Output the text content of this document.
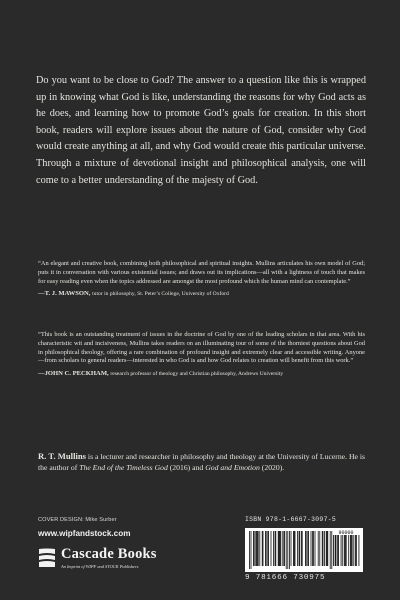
Do you want to be close to God? The answer to a question like this is wrapped up in knowing what God is like, understanding the reasons for why God acts as he does, and learning how to promote God’s goals for creation. In this short book, readers will explore issues about the nature of God, consider why God would create anything at all, and why God would create this particular universe. Through a mixture of devotional insight and philosophical analysis, one will come to a better understanding of the majesty of God.

“An elegant and creative book, combining both philosophical and spiritual insights. Mullins articulates his own model of God; puts it in conversation with various existential issues; and draws out its implications—all with a lightness of touch that makes for easy reading even when the topics addressed are amongst the most profound which the human mind can contemplate.”
—T. J. MAWSON, tutor in philosophy, St. Peter’s College, University of Oxford
“This book is an outstanding treatment of issues in the doctrine of God by one of the leading scholars in that area. With his characteristic wit and incisiveness, Mullins takes readers on an illuminating tour of some of the thorniest questions about God in philosophical theology, offering a rare combination of profound insight and extremely clear and accessible writing. Anyone—from scholars to general readers—interested in who God is and how God relates to creation will benefit from this work.”
—JOHN C. PECKHAM, research professor of theology and Christian philosophy, Andrews University

R. T. Mullins is a lecturer and researcher in philosophy and theology at the University of Lucerne. He is the author of The End of the Timeless God (2016) and God and Emotion (2020).

COVER DESIGN: Mike Surber
www.wipfandstock.com
Cascade Books
An Imprint of WIPF and STOCK Publishers
ISBN 978-1-6667-3097-5
90000
9 781666 730975
